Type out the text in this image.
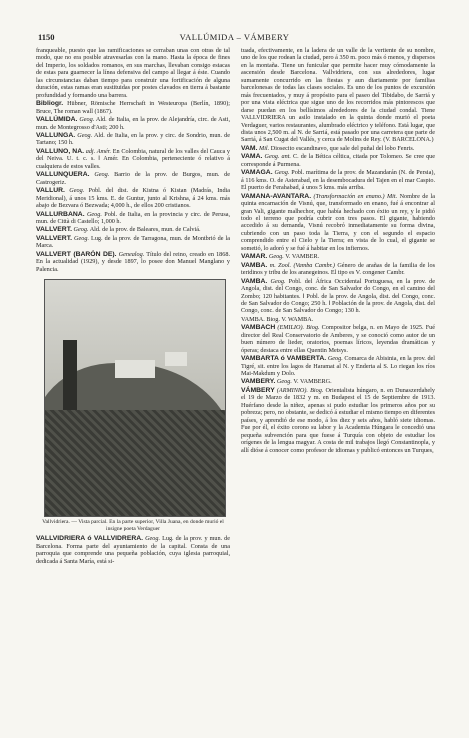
1150	VALLÚMIDA – VÁMBERY
franqueable, puesto que las ramificaciones se cerraban unas con otras de tal modo, que no era posible atravesarlas con la mano. Hasta la época de fines del Imperio, los soldados romanos, en sus marchas, llevaban consigo estacas de estas para guarnecer la línea defensiva del campo al llegar á éste. Cuando las circunstancias daban tiempo para construir una fortificación de alguna duración, estas ramas eran sustituidas por postes clavados en tierra á bastante profundidad y formando una barrera.
Bibliogr. Hübner, Römische Herrschaft in Westeuropa (Berlín, 1890); Bruce, The roman wall (1867).
VALLÚMIDA. Geog. Ald. de Italia, en la prov. de Alejandría, circ. de Asti, mun. de Montegrosso d'Asti; 200 h.
VALLUNGA. Geog. Ald. de Italia, en la prov. y circ. de Sondrio, mun. de Tartano; 150 h.
VALLUNO, NA. adj. Amér. En Colombia, natural de los valles del Cauca y del Neiva. U. t. c. s. ‖ Amér. En Colombia, perteneciente ó relativo á cualquiera de estos valles.
VALLUNQUERA. Geog. Barrio de la prov. de Burgos, mun. de Castrogeriz.
VALLUR. Geog. Pobl. del dist. de Kistna ó Kistan (Madrás, India Meridional), á unos 15 kms. E. de Guntur, junto al Krishna, á 24 kms. más abajo de Bezvara ó Bezwada; 4,000 h., de ellos 200 cristianos.
VALLURBANA. Geog. Pobl. de Italia, en la provincia y circ. de Perusa, mun. de Città di Castello; 1,000 h.
VALLVERT. Geog. Ald. de la prov. de Baleares, mun. de Calviá.
VALLVERT. Geog. Lug. de la prov. de Tarragona, mun. de Montbrió de la Marca.
VALLVERT (BARÓN DE). Genealog. Título del reino, creado en 1868. En la actualidad (1929), y desde 1897, lo posee don Manuel Manglano y Palencia.
Vallvidriera. — Vista parcial. En la parte superior, Villa Juana, en donde murió el insigne poeta Verdaguer
VALLVIDRIERA ó VALLVIDRERA. Geog. Lug. de la prov. y mun. de Barcelona. Forma parte del ayuntamiento de la capital. Consta de una parroquia que comprende una pequeña población, cuya iglesia parroquial, dedicada á Santa María, está si-
tuada, efectivamente, en la ladera de un valle de la vertiente de su nombre, uno de los que rodean la ciudad, pero á 350 m. poco más ó menos, y dispersos en la montaña. Tiene un funicular que permite hacer muy cómodamente la ascensión desde Barcelona. Vallvidriera, con sus alrededores, lugar sumamente concurrido en las fiestas y aun diariamente por familias barcelonesas de todas las clases sociales. Es uno de los puntos de excursión más frecuentados, y muy á propósito para el paseo del Tibidabo, de Sarriá y por una vista eléctrica que sigue uno de los recorridos más pintorescos que darse puedan en los bellísimos alrededores de la ciudad condal. Tiene VALLVIDRIERA un asilo instalado en la quinta donde murió el poeta Verdaguer, varios restaurantes, alumbrado eléctrico y teléfono. Está lugar, que dista unos 2,500 m. al N. de Sarriá, está pasado por una carretera que parte de Sarriá, á San Cugat del Vallés, y cerca de Molins de Rey. (V. BARCELONA.)
VAM. Mil. Diosecito escandinavo, que sale del puñal del lobo Fenris.
VAMA. Geog. ant. C. de la Bética céltica, citada por Tolomeo. Se cree que corresponde á Purmena.
VAMAGA. Geog. Pobl. marítima de la prov. de Mazandarán (N. de Persia), á 116 kms. O. de Asterabad, en la desembocadura del Tajen en el mar Caspio. El puerto de Ferahabad, á unos 5 kms. más arriba.
VAMANA-AVANTARA. (Transformación en enano.) Mit. Nombre de la quinta encarnación de Visnú, que, transformado en enano, fué á encontrar al gran Vali, gigante malhechor, que había hechado con éxito un rey, y le pidió todo el terreno que podría cubrir con tres pasos. El gigante, habiendo accedido á su demanda, Visnú recobró inmediatamente su forma divina, cubriendo con un paso toda la Tierra, y con el segundo el espacio comprendido entre el Cielo y la Tierra; en vista de lo cual, el gigante se sometió, lo adoró y se fué á habitar en los infiernos.
VAMAR. Geog. V. VAMBER.
VAMBA. m. Zool. (Vamba Cambr.) Género de arañas de la familia de los teridinos y tribu de los aranegeinos. El tipo es V. congener Cambr.
VAMBA. Geog. Pobl. del África Occidental Portuguesa, en la prov. de Angola, dist. del Congo, conc. de San Salvador do Congo, en el camino del Zombo; 120 habitantes. ‖ Pobl. de la prov. de Angola, dist. del Congo, conc. de San Salvador do Congo; 250 h. ‖ Población de la prov. de Angola, dist. del Congo, conc. de San Salvador do Congo; 130 h.
VAMBA. Biog. V. WAMBA.
VAMBACH (EMILIO). Biog. Compositor belga, n. en Mayo de 1925. Fué director del Real Conservatorio de Amberes, y se conoció como autor de un buen número de lieder, oratorios, poemas líricos, leyendas dramáticas y óperas; destaca entre ellas Quentin Metsys.
VAMBARTA ó VAMBERTA. Geog. Comarca de Abisinia, en la prov. del Tigré, sit. entre los lagos de Haramat al N. y Enderta al S. Lo riegan los ríos Mai-Makdum y Dolo.
VAMBERY. Geog. V. VAMBERG.
VÁMBERY (ARMINIO). Biog. Orientalista húngaro, n. en Dunaszerdahely el 19 de Marzo de 1832 y m. en Budapest el 15 de Septiembre de 1913. Huérfano desde la niñez, apenas si pudo estudiar los primeros años por su pobreza; pero, no obstante, se dedicó á estudiar el mismo tiempo en diferentes países, y aprendió de ese modo, á los diez y seis años, habló siete idiomas. Fue por él, el éxito corono su labor y la Academia Húngara le concedió una pequeña subvención para que fuese á Turquía con objeto de estudiar los orígenes de la lengua magyar. A costa de mil trabajos llegó Constantinopla, y allí dióse á conocer como profesor de idiomas y publicó entonces un Turques,
